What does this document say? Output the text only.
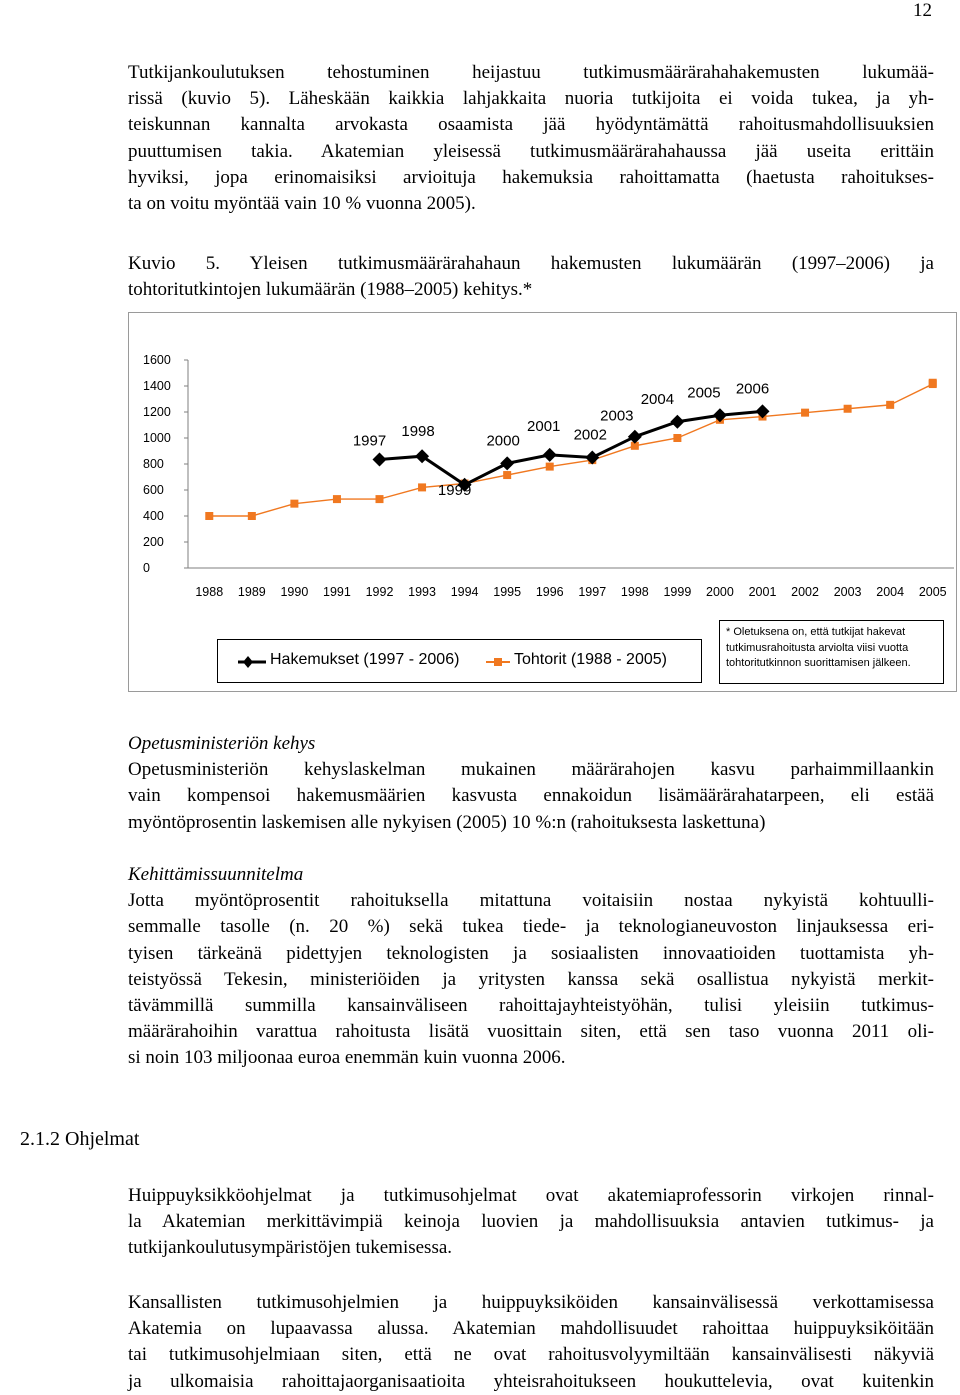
12

Tutkijankoulutuksen tehostuminen heijastuu tutkimusmäärärahahakemusten lukumää-
rissä (kuvio 5). Läheskään kaikkia lahjakkaita nuoria tutkijoita ei voida tukea, ja yh-
teiskunnan kannalta arvokasta osaamista jää hyödyntämättä rahoitusmahdollisuuksien
puuttumisen takia. Akatemian yleisessä tutkimusmäärärahahaussa jää useita erittäin
hyviksi, jopa erinomaisiksi arvioituja hakemuksia rahoittamatta (haetusta rahoitukses-
ta on voitu myöntää vain 10 % vuonna 2005).

Kuvio 5. Yleisen tutkimusmäärärahahaun hakemusten lukumäärän (1997–2006) ja
tohtoritutkintojen lukumäärän (1988–2005) kehitys.*

0
200
400
600
800
1000
1200
1400
1600
1988 1989 1990 1991 1992 1993 1994 1995 1996 1997 1998 1999 2000 2001 2002 2003 2004 2005
1997
1998
1999
2000
2001
2002
2003
2004 2005 2006
Hakemukset (1997 - 2006)	Tohtorit (1988 - 2005)
* Oletuksena on, että tutkijat hakevat
tutkimusrahoitusta arviolta viisi vuotta
tohtoritutkinnon suorittamisen jälkeen.

Opetusministeriön kehys
Opetusministeriön kehyslaskelman mukainen määrärahojen kasvu parhaimmillaankin
vain kompensoi hakemusmäärien kasvusta ennakoidun lisämäärärahatarpeen, eli estää
myöntöprosentin laskemisen alle nykyisen (2005) 10 %:n (rahoituksesta laskettuna)

Kehittämissuunnitelma
Jotta myöntöprosentit rahoituksella mitattuna voitaisiin nostaa nykyistä kohtuulli-
semmalle tasolle (n. 20 %) sekä tukea tiede- ja teknologianeuvoston linjauksessa eri-
tyisen tärkeänä pidettyjen teknologisten ja sosiaalisten innovaatioiden tuottamista yh-
teistyössä Tekesin, ministeriöiden ja yritysten kanssa sekä osallistua nykyistä merkit-
tävämmillä summilla kansainväliseen rahoittajayhteistyöhän, tulisi yleisiin tutkimus-
määrärahoihin varattua rahoitusta lisätä vuosittain siten, että sen taso vuonna 2011 oli-
si noin 103 miljoonaa euroa enemmän kuin vuonna 2006.

2.1.2 Ohjelmat

Huippuyksikköohjelmat ja tutkimusohjelmat ovat akatemiaprofessorin virkojen rinnal-
la Akatemian merkittävimpiä keinoja luovien ja mahdollisuuksia antavien tutkimus- ja
tutkijankoulutusympäristöjen tukemisessa.

Kansallisten tutkimusohjelmien ja huippuyksiköiden kansainvälisessä verkottamisessa
Akatemia on lupaavassa alussa. Akatemian mahdollisuudet rahoittaa huippuyksiköitään
tai tutkimusohjelmiaan siten, että ne ovat rahoitusvolyymiltään kansainvälisesti näkyviä
ja ulkomaisia rahoittajaorganisaatioita yhteisrahoitukseen houkuttelevia, ovat kuitenkin
